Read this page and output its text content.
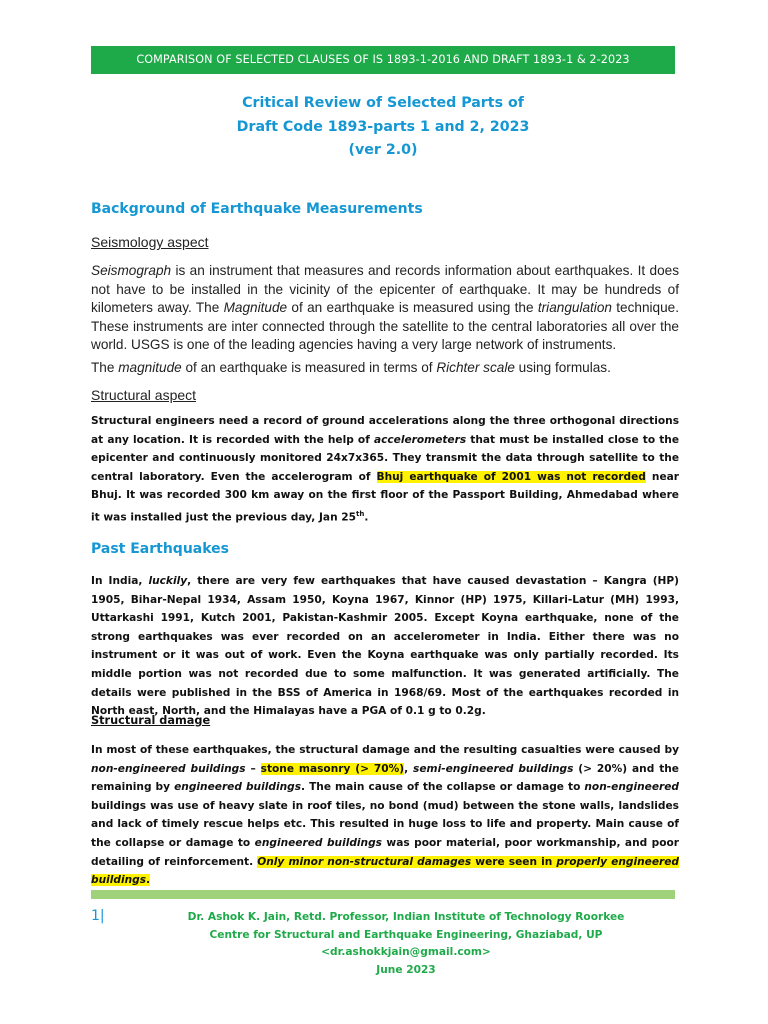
COMPARISON OF SELECTED CLAUSES OF IS 1893-1-2016 AND DRAFT 1893-1 & 2-2023
Critical Review of Selected Parts of
Draft Code 1893-parts 1 and 2, 2023
(ver 2.0)
Background of Earthquake Measurements

Seismology aspect

Seismograph is an instrument that measures and records information about earthquakes. It does not have to be installed in the vicinity of the epicenter of earthquake. It may be hundreds of kilometers away. The Magnitude of an earthquake is measured using the triangulation technique. These instruments are inter connected through the satellite to the central laboratories all over the world. USGS is one of the leading agencies having a very large network of instruments.

The magnitude of an earthquake is measured in terms of Richter scale using formulas.

Structural aspect

Structural engineers need a record of ground accelerations along the three orthogonal directions at any location. It is recorded with the help of accelerometers that must be installed close to the epicenter and continuously monitored 24x7x365. They transmit the data through satellite to the central laboratory. Even the accelerogram of Bhuj earthquake of 2001 was not recorded near Bhuj. It was recorded 300 km away on the first floor of the Passport Building, Ahmedabad where it was installed just the previous day, Jan 25th.

Past Earthquakes

In India, luckily, there are very few earthquakes that have caused devastation – Kangra (HP) 1905, Bihar-Nepal 1934, Assam 1950, Koyna 1967, Kinnor (HP) 1975, Killari-Latur (MH) 1993, Uttarkashi 1991, Kutch 2001, Pakistan-Kashmir 2005. Except Koyna earthquake, none of the strong earthquakes was ever recorded on an accelerometer in India. Either there was no instrument or it was out of work. Even the Koyna earthquake was only partially recorded. Its middle portion was not recorded due to some malfunction. It was generated artificially. The details were published in the BSS of America in 1968/69. Most of the earthquakes recorded in North east, North, and the Himalayas have a PGA of 0.1 g to 0.2g.

Structural damage

In most of these earthquakes, the structural damage and the resulting casualties were caused by non-engineered buildings – stone masonry (> 70%), semi-engineered buildings (> 20%) and the remaining by engineered buildings. The main cause of the collapse or damage to non-engineered buildings was use of heavy slate in roof tiles, no bond (mud) between the stone walls, landslides and lack of timely rescue helps etc. This resulted in huge loss to life and property. Main cause of the collapse or damage to engineered buildings was poor material, poor workmanship, and poor detailing of reinforcement. Only minor non-structural damages were seen in properly engineered buildings.

1|	Dr. Ashok K. Jain, Retd. Professor, Indian Institute of Technology Roorkee
Centre for Structural and Earthquake Engineering, Ghaziabad, UP
<dr.ashokkjain@gmail.com>
June 2023
